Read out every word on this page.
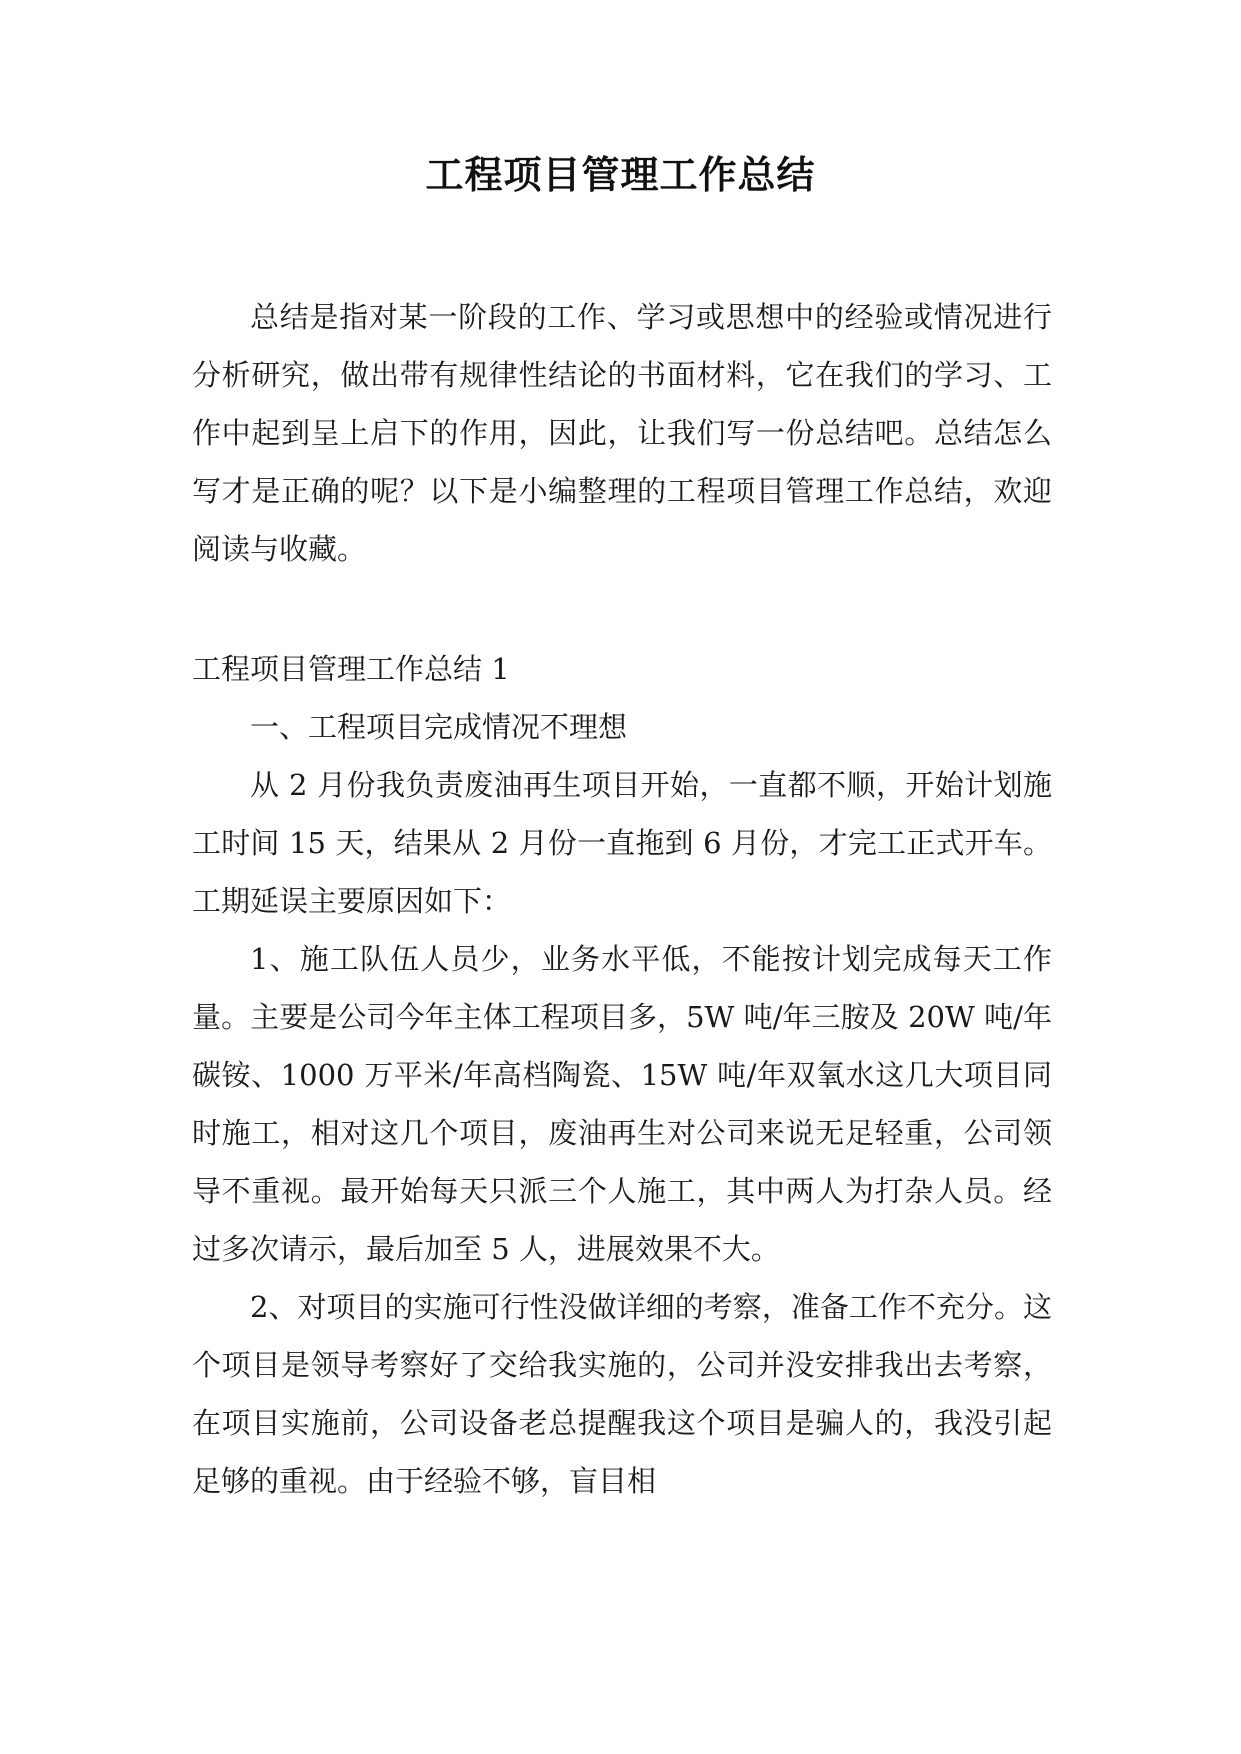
工程项目管理工作总结

总结是指对某一阶段的工作、学习或思想中的经验或情况进行分析研究，做出带有规律性结论的书面材料，它在我们的学习、工作中起到呈上启下的作用，因此，让我们写一份总结吧。总结怎么写才是正确的呢？以下是小编整理的工程项目管理工作总结，欢迎阅读与收藏。

工程项目管理工作总结 1

一、工程项目完成情况不理想

从 2 月份我负责废油再生项目开始，一直都不顺，开始计划施工时间 15 天，结果从 2 月份一直拖到 6 月份，才完工正式开车。工期延误主要原因如下：

1、施工队伍人员少，业务水平低，不能按计划完成每天工作量。主要是公司今年主体工程项目多，5W 吨/年三胺及 20W 吨/年碳铵、1000 万平米/年高档陶瓷、15W 吨/年双氧水这几大项目同时施工，相对这几个项目，废油再生对公司来说无足轻重，公司领导不重视。最开始每天只派三个人施工，其中两人为打杂人员。经过多次请示，最后加至 5 人，进展效果不大。

2、对项目的实施可行性没做详细的考察，准备工作不充分。这个项目是领导考察好了交给我实施的，公司并没安排我出去考察，在项目实施前，公司设备老总提醒我这个项目是骗人的，我没引起足够的重视。由于经验不够，盲目相
